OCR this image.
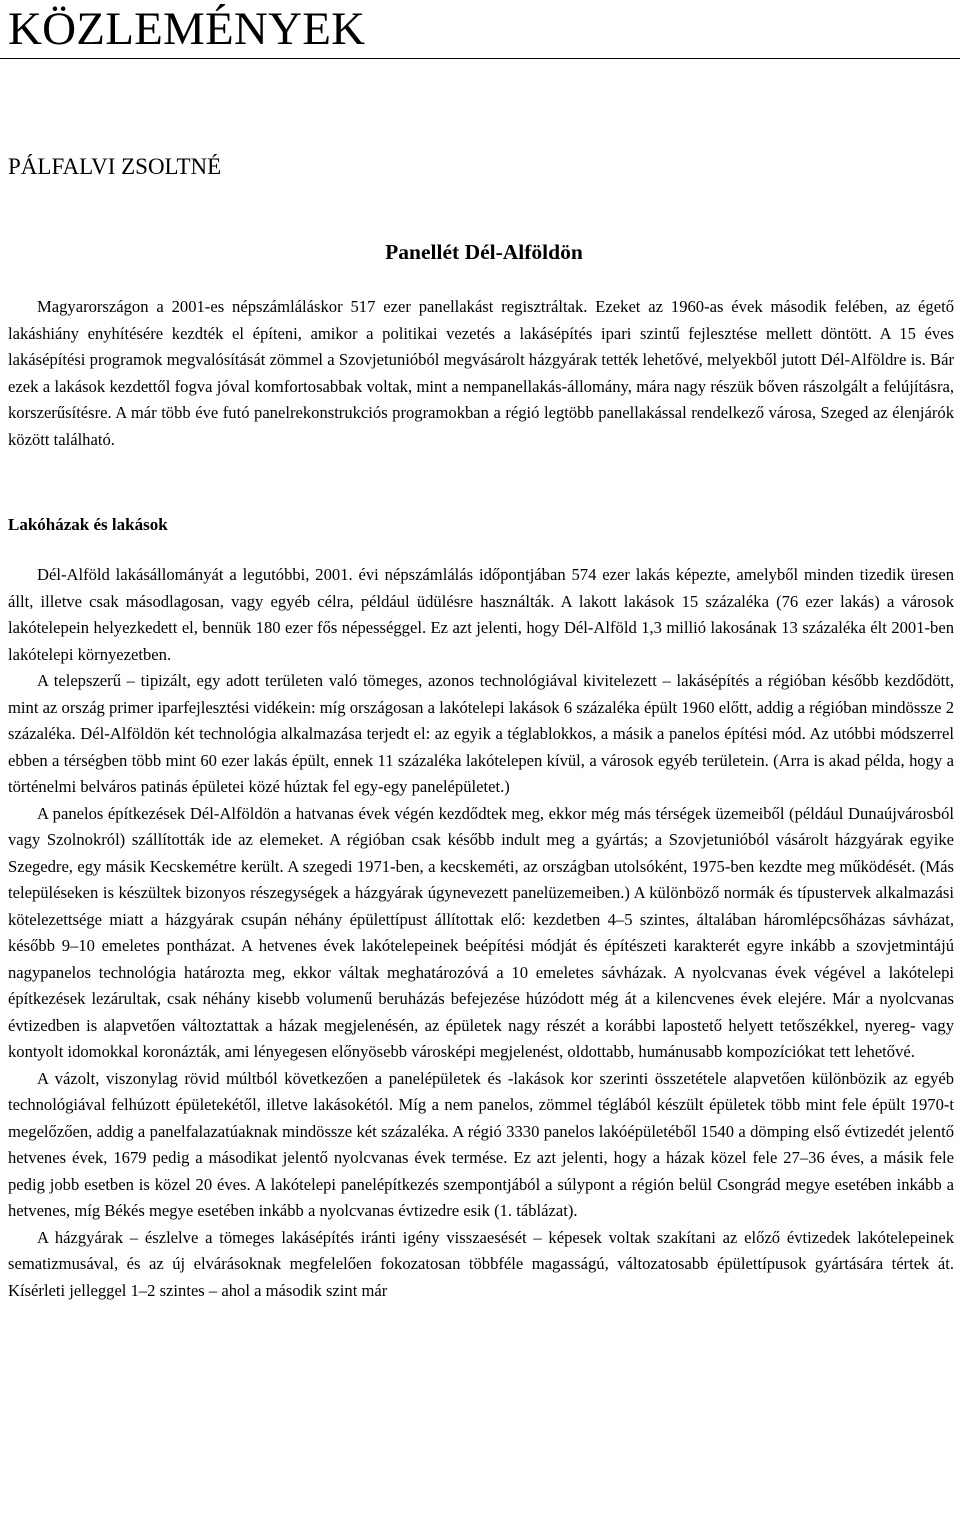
KÖZLEMÉNYEK
PÁLFALVI ZSOLTNÉ
Panellét Dél-Alföldön

Magyarországon a 2001-es népszámláláskor 517 ezer panellakást regisztráltak. Ezeket az 1960-as évek második felében, az égető lakáshiány enyhítésére kezdték el építeni, amikor a politikai vezetés a lakásépítés ipari szintű fejlesztése mellett döntött. A 15 éves lakásépítési programok megvalósítását zömmel a Szovjetunióból megvásárolt házgyárak tették lehetővé, melyekből jutott Dél-Alföldre is. Bár ezek a lakások kezdettől fogva jóval komfortosabbak voltak, mint a nempanellakás-állomány, mára nagy részük bőven rászolgált a felújításra, korszerűsítésre. A már több éve futó panelrekonstrukciós programokban a régió legtöbb panellakással rendelkező városa, Szeged az élenjárók között található.

Lakóházak és lakások

Dél-Alföld lakásállományát a legutóbbi, 2001. évi népszámlálás időpontjában 574 ezer lakás képezte, amelyből minden tizedik üresen állt, illetve csak másodlagosan, vagy egyéb célra, például üdülésre használták. A lakott lakások 15 százaléka (76 ezer lakás) a városok lakótelepein helyezkedett el, bennük 180 ezer fős népességgel. Ez azt jelenti, hogy Dél-Alföld 1,3 millió lakosának 13 százaléka élt 2001-ben lakótelepi környezetben.

A telepszerű – tipizált, egy adott területen való tömeges, azonos technológiával kivitelezett – lakásépítés a régióban később kezdődött, mint az ország primer iparfejlesztési vidékein: míg országosan a lakótelepi lakások 6 százaléka épült 1960 előtt, addig a régióban mindössze 2 százaléka. Dél-Alföldön két technológia alkalmazása terjedt el: az egyik a téglablokkos, a másik a panelos építési mód. Az utóbbi módszerrel ebben a térségben több mint 60 ezer lakás épült, ennek 11 százaléka lakótelepen kívül, a városok egyéb területein. (Arra is akad példa, hogy a történelmi belváros patinás épületei közé húztak fel egy-egy panelépületet.)

A panelos építkezések Dél-Alföldön a hatvanas évek végén kezdődtek meg, ekkor még más térségek üzemeiből (például Dunaújvárosból vagy Szolnokról) szállították ide az elemeket. A régióban csak később indult meg a gyártás; a Szovjetunióból vásárolt házgyárak egyike Szegedre, egy másik Kecskemétre került. A szegedi 1971-ben, a kecskeméti, az országban utolsóként, 1975-ben kezdte meg működését. (Más településeken is készültek bizonyos részegységek a házgyárak úgynevezett panelüzemeiben.) A különböző normák és típustervek alkalmazási kötelezettsége miatt a házgyárak csupán néhány épülettípust állítottak elő: kezdetben 4–5 szintes, általában háromlépcsőházas sávházat, később 9–10 emeletes pontházat. A hetvenes évek lakótelepeinek beépítési módját és építészeti karakterét egyre inkább a szovjetmintájú nagypanelos technológia határozta meg, ekkor váltak meghatározóvá a 10 emeletes sávházak. A nyolcvanas évek végével a lakótelepi építkezések lezárultak, csak néhány kisebb volumenű beruházás befejezése húzódott még át a kilencvenes évek elejére. Már a nyolcvanas évtizedben is alapvetően változtattak a házak megjelenésén, az épületek nagy részét a korábbi lapostető helyett tetőszékkel, nyereg- vagy kontyolt idomokkal koronázták, ami lényegesen előnyösebb városképi megjelenést, oldottabb, humánusabb kompozíciókat tett lehetővé.

A vázolt, viszonylag rövid múltból következően a panelépületek és -lakások kor szerinti összetétele alapvetően különbözik az egyéb technológiával felhúzott épületekétől, illetve lakásokétól. Míg a nem panelos, zömmel téglából készült épületek több mint fele épült 1970-t megelőzően, addig a panelfalazatúaknak mindössze két százaléka. A régió 3330 panelos lakóépületéből 1540 a dömping első évtizedét jelentő hetvenes évek, 1679 pedig a másodikat jelentő nyolcvanas évek termése. Ez azt jelenti, hogy a házak közel fele 27–36 éves, a másik fele pedig jobb esetben is közel 20 éves. A lakótelepi panelépítkezés szempontjából a súlypont a régión belül Csongrád megye esetében inkább a hetvenes, míg Békés megye esetében inkább a nyolcvanas évtizedre esik (1. táblázat).

A házgyárak – észlelve a tömeges lakásépítés iránti igény visszaesését – képesek voltak szakítani az előző évtizedek lakótelepeinek sematizmusával, és az új elvárásoknak megfelelően fokozatosan többféle magasságú, változatosabb épülettípusok gyártására tértek át. Kísérleti jelleggel 1–2 szintes – ahol a második szint már
